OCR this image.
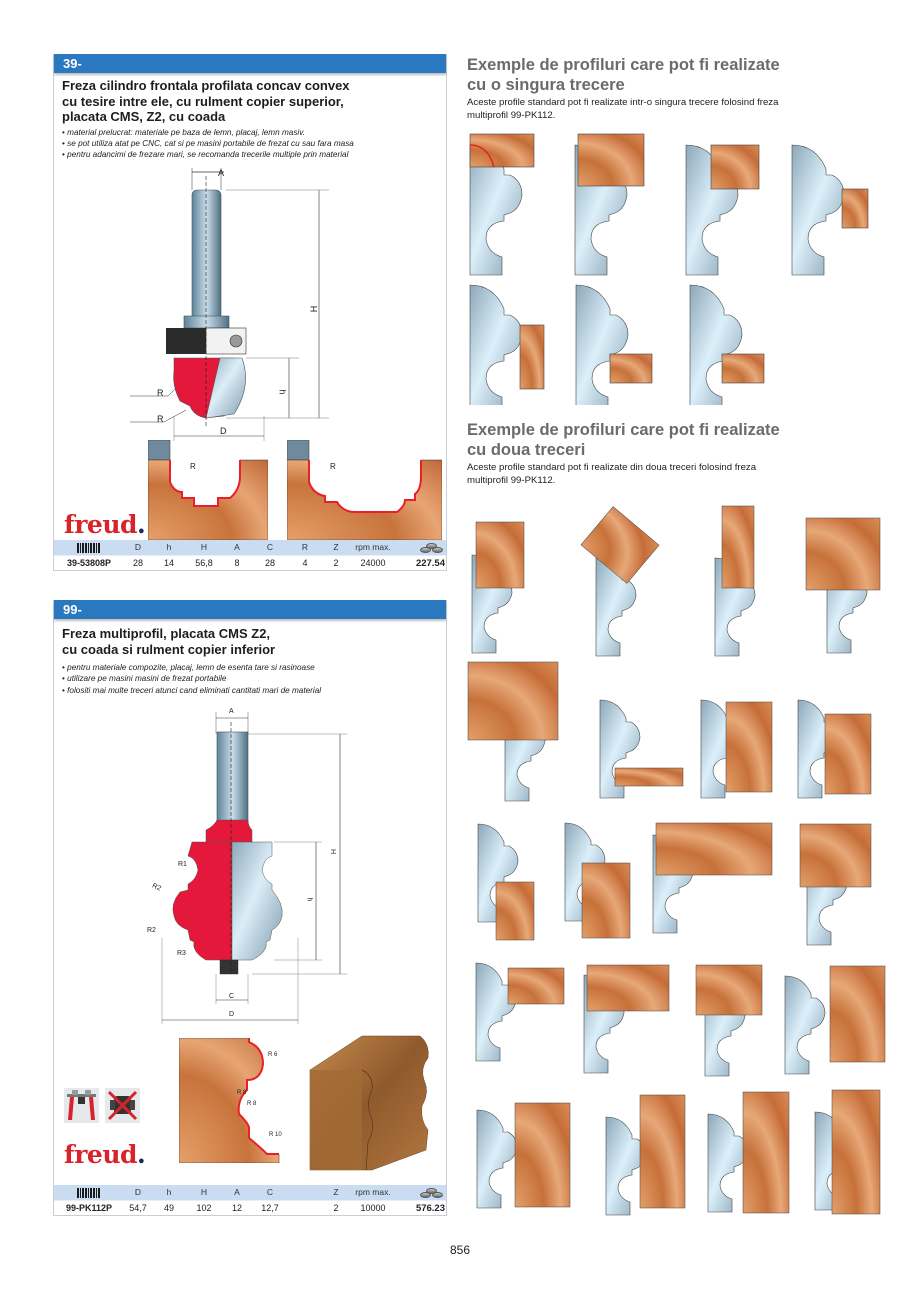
39-
Freza cilindro frontala profilata concav convex
cu tesire intre ele, cu rulment copier superior,
placata CMS, Z2, cu coada
• material prelucrat: materiale pe baza de lemn, placaj, lemn masiv.
• se pot utiliza atat pe CNC, cat si pe masini portabile de frezat cu sau fara masa
• pentru adancimi de frezare mari, se recomanda trecerile multiple prin material
A
H
h
D
R
R
R	R
freud.
D	h	H	A	C	R	Z	rpm max.
39-53808P	28	14	56,8	8	28	4	2	24000	227.54
99-
Freza multiprofil, placata CMS Z2,
cu coada si rulment copier inferior
• pentru materiale compozite, placaj, lemn de esenta tare si rasinoase
• utilizare pe masini masini de frezat portabile
• folositi mai multe treceri atunci cand eliminati cantitati mari de material
A
H
h
C
D
R1
R2
R2
R3
R 6
R 8
R 8
R 10
freud.
D	h	H	A	C	Z	rpm max.
99-PK112P	54,7	49	102	12	12,7	2	10000	576.23
Exemple de profiluri care pot fi realizate
cu o singura trecere
Aceste profile standard pot fi realizate intr-o singura trecere folosind freza
multiprofil 99-PK112.
Exemple de profiluri care pot fi realizate
cu doua treceri
Aceste profile standard pot fi realizate din doua treceri folosind freza
multiprofil 99-PK112.
856
